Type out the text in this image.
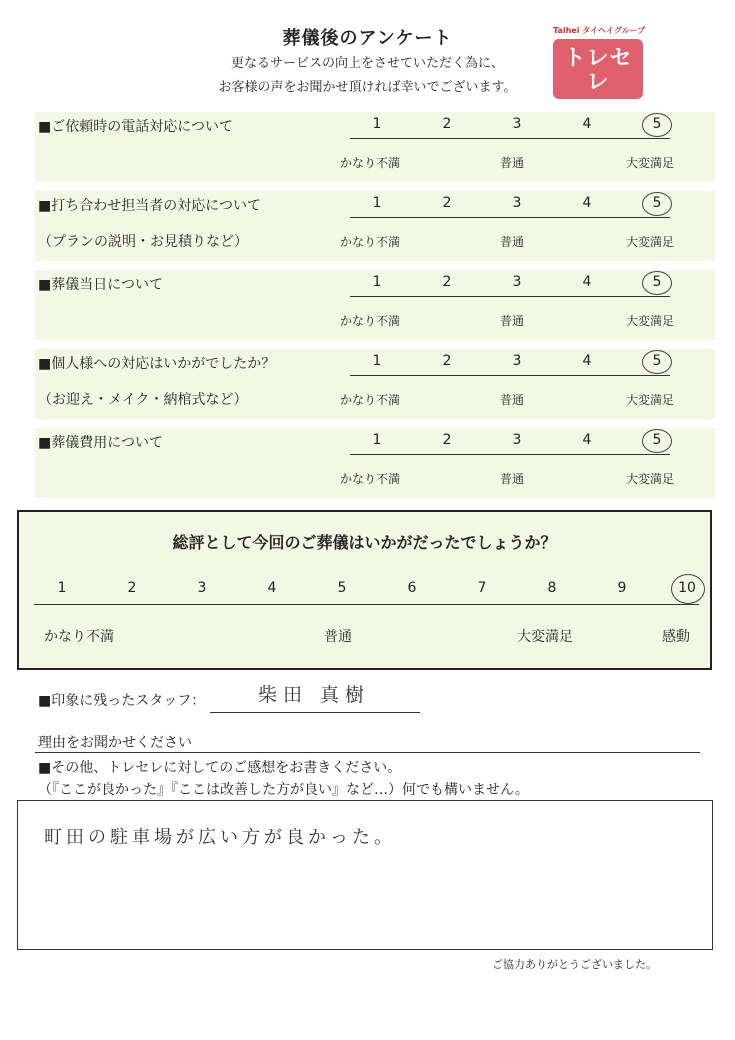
葬儀後のアンケート
更なるサービスの向上をさせていただく為に、
お客様の声をお聞かせ頂ければ幸いでございます。
Taihei タイヘイグループ
トレセレ
安心葬儀
■ご依頼時の電話対応について	1	2	3	4	5
かなり不満	普通	大変満足
■打ち合わせ担当者の対応について
（プランの説明・お見積りなど）
1	2	3	4	5
かなり不満	普通	大変満足
■葬儀当日について	1	2	3	4	5
かなり不満	普通	大変満足
■個人様への対応はいかがでしたか？
（お迎え・メイク・納棺式など）
1	2	3	4	5
かなり不満	普通	大変満足
■葬儀費用について	1	2	3	4	5
かなり不満	普通	大変満足
総評として今回のご葬儀はいかがだったでしょうか？
1	2	3	4	5	6	7	8	9	10
かなり不満	普通	大変満足	感動
■印象に残ったスタッフ：	柴田 真樹
理由をお聞かせください
■その他、トレセレに対してのご感想をお書きください。
（『ここが良かった』『ここは改善した方が良い』など…）何でも構いません。
町田の駐車場が広い方が良かった。
ご協力ありがとうございました。
